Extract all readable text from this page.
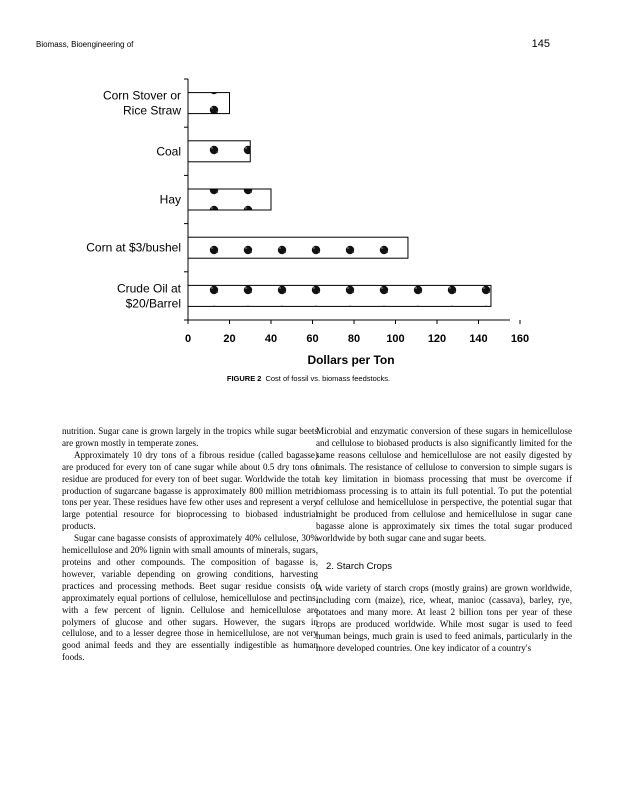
Biomass, Bioengineering of	145
Corn Stover or Rice Straw
Coal
Hay
Corn at $3/bushel
Crude Oil at $20/Barrel
0	20	40	60	80 100 120 140 160
Dollars per Ton
FIGURE 2 Cost of fossil vs. biomass feedstocks.

nutrition. Sugar cane is grown largely in the tropics while sugar beets are grown mostly in temperate zones.

Approximately 10 dry tons of a fibrous residue (called bagasse) are produced for every ton of cane sugar while about 0.5 dry tons of residue are produced for every ton of beet sugar. Worldwide the total production of sugarcane bagasse is approximately 800 million metric tons per year. These residues have few other uses and represent a very large potential resource for bioprocessing to biobased industrial products.

Sugar cane bagasse consists of approximately 40% cellulose, 30% hemicellulose and 20% lignin with small amounts of minerals, sugars, proteins and other compounds. The composition of bagasse is, however, variable depending on growing conditions, harvesting practices and processing methods. Beet sugar residue consists of approximately equal portions of cellulose, hemicellulose and pectins, with a few percent of lignin. Cellulose and hemicellulose are polymers of glucose and other sugars. However, the sugars in cellulose, and to a lesser degree those in hemicellulose, are not very good animal feeds and they are essentially indigestible as human foods.

Microbial and enzymatic conversion of these sugars in hemicellulose and cellulose to biobased products is also significantly limited for the same reasons cellulose and hemicellulose are not easily digested by animals. The resistance of cellulose to conversion to simple sugars is a key limitation in biomass processing that must be overcome if biomass processing is to attain its full potential. To put the potential of cellulose and hemicellulose in perspective, the potential sugar that might be produced from cellulose and hemicellulose in sugar cane bagasse alone is approximately six times the total sugar produced worldwide by both sugar cane and sugar beets.

2. Starch Crops

A wide variety of starch crops (mostly grains) are grown worldwide, including corn (maize), rice, wheat, manioc (cassava), barley, rye, potatoes and many more. At least 2 billion tons per year of these crops are produced worldwide. While most sugar is used to feed human beings, much grain is used to feed animals, particularly in the more developed countries. One key indicator of a country's
